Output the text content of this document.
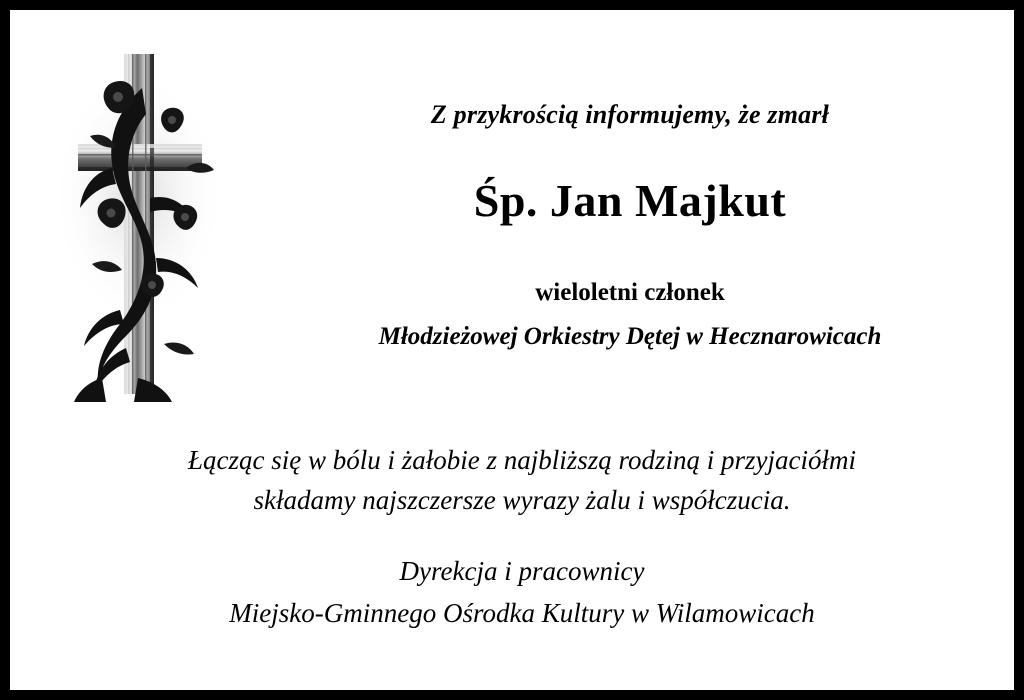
Z przykrością informujemy, że zmarł
Śp. Jan Majkut
wieloletni członek
Młodzieżowej Orkiestry Dętej w Hecznarowicach
Łącząc się w bólu i żałobie z najbliższą rodziną i przyjaciółmi
składamy najszczersze wyrazy żalu i współczucia.
Dyrekcja i pracownicy
Miejsko-Gminnego Ośrodka Kultury w Wilamowicach
